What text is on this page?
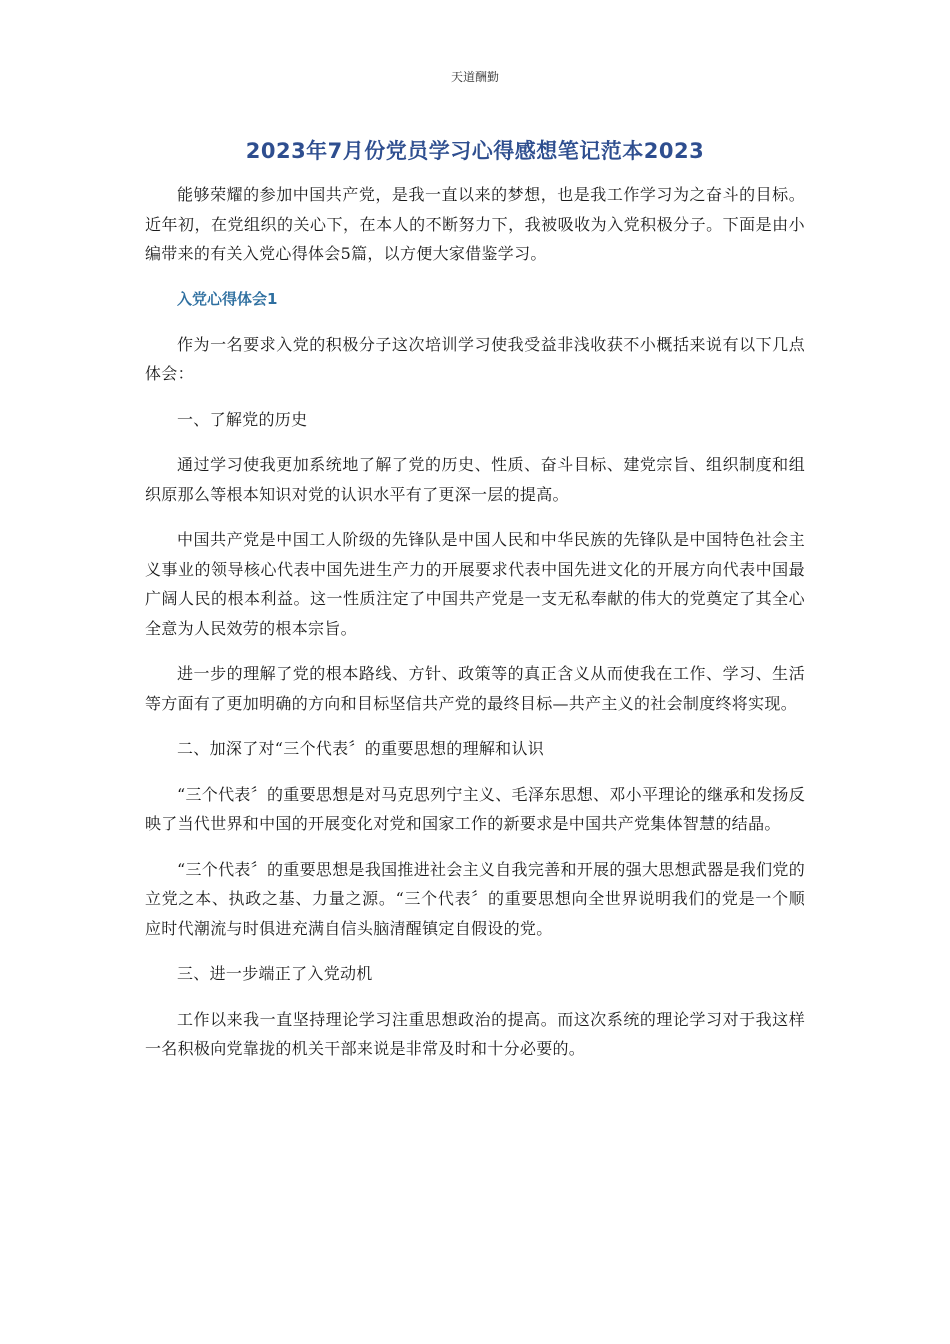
天道酬勤
2023年7月份党员学习心得感想笔记范本2023

能够荣耀的参加中国共产党，是我一直以来的梦想，也是我工作学习为之奋斗的目标。近年初，在党组织的关心下，在本人的不断努力下，我被吸收为入党积极分子。下面是由小编带来的有关入党心得体会5篇，以方便大家借鉴学习。

入党心得体会1

作为一名要求入党的积极分子这次培训学习使我受益非浅收获不小概括来说有以下几点体会：

一、了解党的历史

通过学习使我更加系统地了解了党的历史、性质、奋斗目标、建党宗旨、组织制度和组织原那么等根本知识对党的认识水平有了更深一层的提高。

中国共产党是中国工人阶级的先锋队是中国人民和中华民族的先锋队是中国特色社会主义事业的领导核心代表中国先进生产力的开展要求代表中国先进文化的开展方向代表中国最广阔人民的根本利益。这一性质注定了中国共产党是一支无私奉献的伟大的党奠定了其全心全意为人民效劳的根本宗旨。

进一步的理解了党的根本路线、方针、政策等的真正含义从而使我在工作、学习、生活等方面有了更加明确的方向和目标坚信共产党的最终目标—共产主义的社会制度终将实现。

二、加深了对“三个代表〞的重要思想的理解和认识

“三个代表〞的重要思想是对马克思列宁主义、毛泽东思想、邓小平理论的继承和发扬反映了当代世界和中国的开展变化对党和国家工作的新要求是中国共产党集体智慧的结晶。

“三个代表〞的重要思想是我国推进社会主义自我完善和开展的强大思想武器是我们党的立党之本、执政之基、力量之源。“三个代表〞的重要思想向全世界说明我们的党是一个顺应时代潮流与时俱进充满自信头脑清醒镇定自假设的党。

三、进一步端正了入党动机

工作以来我一直坚持理论学习注重思想政治的提高。而这次系统的理论学习对于我这样一名积极向党靠拢的机关干部来说是非常及时和十分必要的。
